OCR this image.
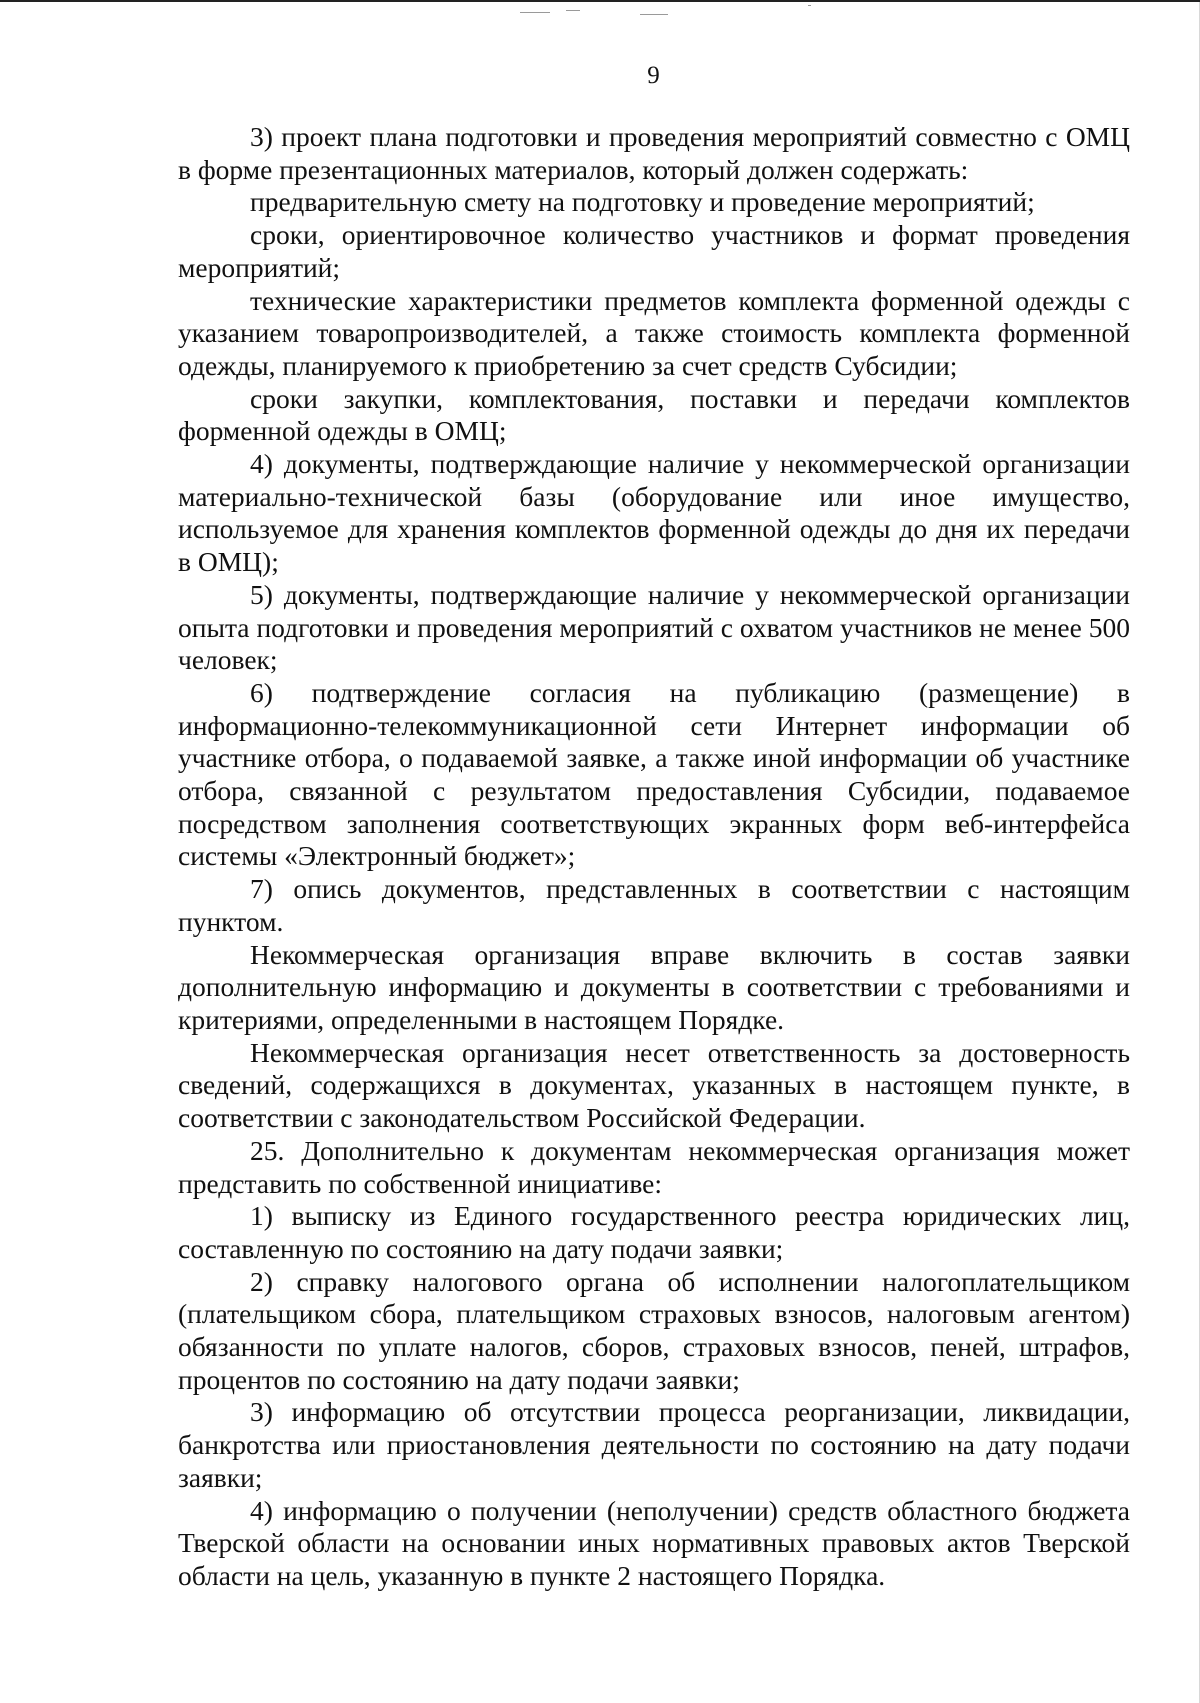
9

3) проект плана подготовки и проведения мероприятий совместно с ОМЦ в форме презентационных материалов, который должен содержать:

предварительную смету на подготовку и проведение мероприятий;

сроки, ориентировочное количество участников и формат проведения мероприятий;

технические характеристики предметов комплекта форменной одежды с указанием товаропроизводителей, а также стоимость комплекта форменной одежды, планируемого к приобретению за счет средств Субсидии;

сроки закупки, комплектования, поставки и передачи комплектов форменной одежды в ОМЦ;

4) документы, подтверждающие наличие у некоммерческой организации материально-технической базы (оборудование или иное имущество, используемое для хранения комплектов форменной одежды до дня их передачи в ОМЦ);

5) документы, подтверждающие наличие у некоммерческой организации опыта подготовки и проведения мероприятий с охватом участников не менее 500 человек;

6) подтверждение согласия на публикацию (размещение) в информационно-телекоммуникационной сети Интернет информации об участнике отбора, о подаваемой заявке, а также иной информации об участнике отбора, связанной с результатом предоставления Субсидии, подаваемое посредством заполнения соответствующих экранных форм веб-интерфейса системы «Электронный бюджет»;

7) опись документов, представленных в соответствии с настоящим пунктом.

Некоммерческая организация вправе включить в состав заявки дополнительную информацию и документы в соответствии с требованиями и критериями, определенными в настоящем Порядке.

Некоммерческая организация несет ответственность за достоверность сведений, содержащихся в документах, указанных в настоящем пункте, в соответствии с законодательством Российской Федерации.

25. Дополнительно к документам некоммерческая организация может представить по собственной инициативе:

1) выписку из Единого государственного реестра юридических лиц, составленную по состоянию на дату подачи заявки;

2) справку налогового органа об исполнении налогоплательщиком (плательщиком сбора, плательщиком страховых взносов, налоговым агентом) обязанности по уплате налогов, сборов, страховых взносов, пеней, штрафов, процентов по состоянию на дату подачи заявки;

3) информацию об отсутствии процесса реорганизации, ликвидации, банкротства или приостановления деятельности по состоянию на дату подачи заявки;

4) информацию о получении (неполучении) средств областного бюджета Тверской области на основании иных нормативных правовых актов Тверской области на цель, указанную в пункте 2 настоящего Порядка.
